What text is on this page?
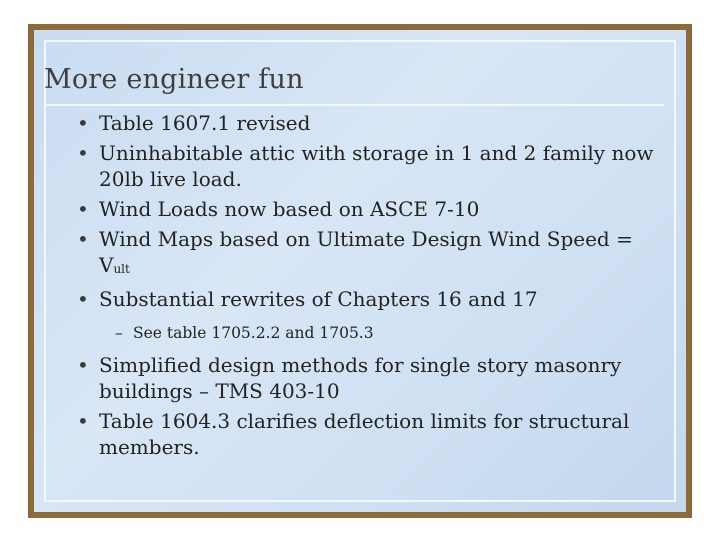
More engineer fun
• Table 1607.1 revised
• Uninhabitable attic with storage in 1 and 2 family now 20lb live load.
• Wind Loads now based on ASCE 7-10
• Wind Maps based on Ultimate Design Wind Speed = $V_{ult}$
• Substantial rewrites of Chapters 16 and 17
– See table 1705.2.2 and 1705.3
• Simplified design methods for single story masonry buildings – TMS 403-10
• Table 1604.3 clarifies deflection limits for structural members.
